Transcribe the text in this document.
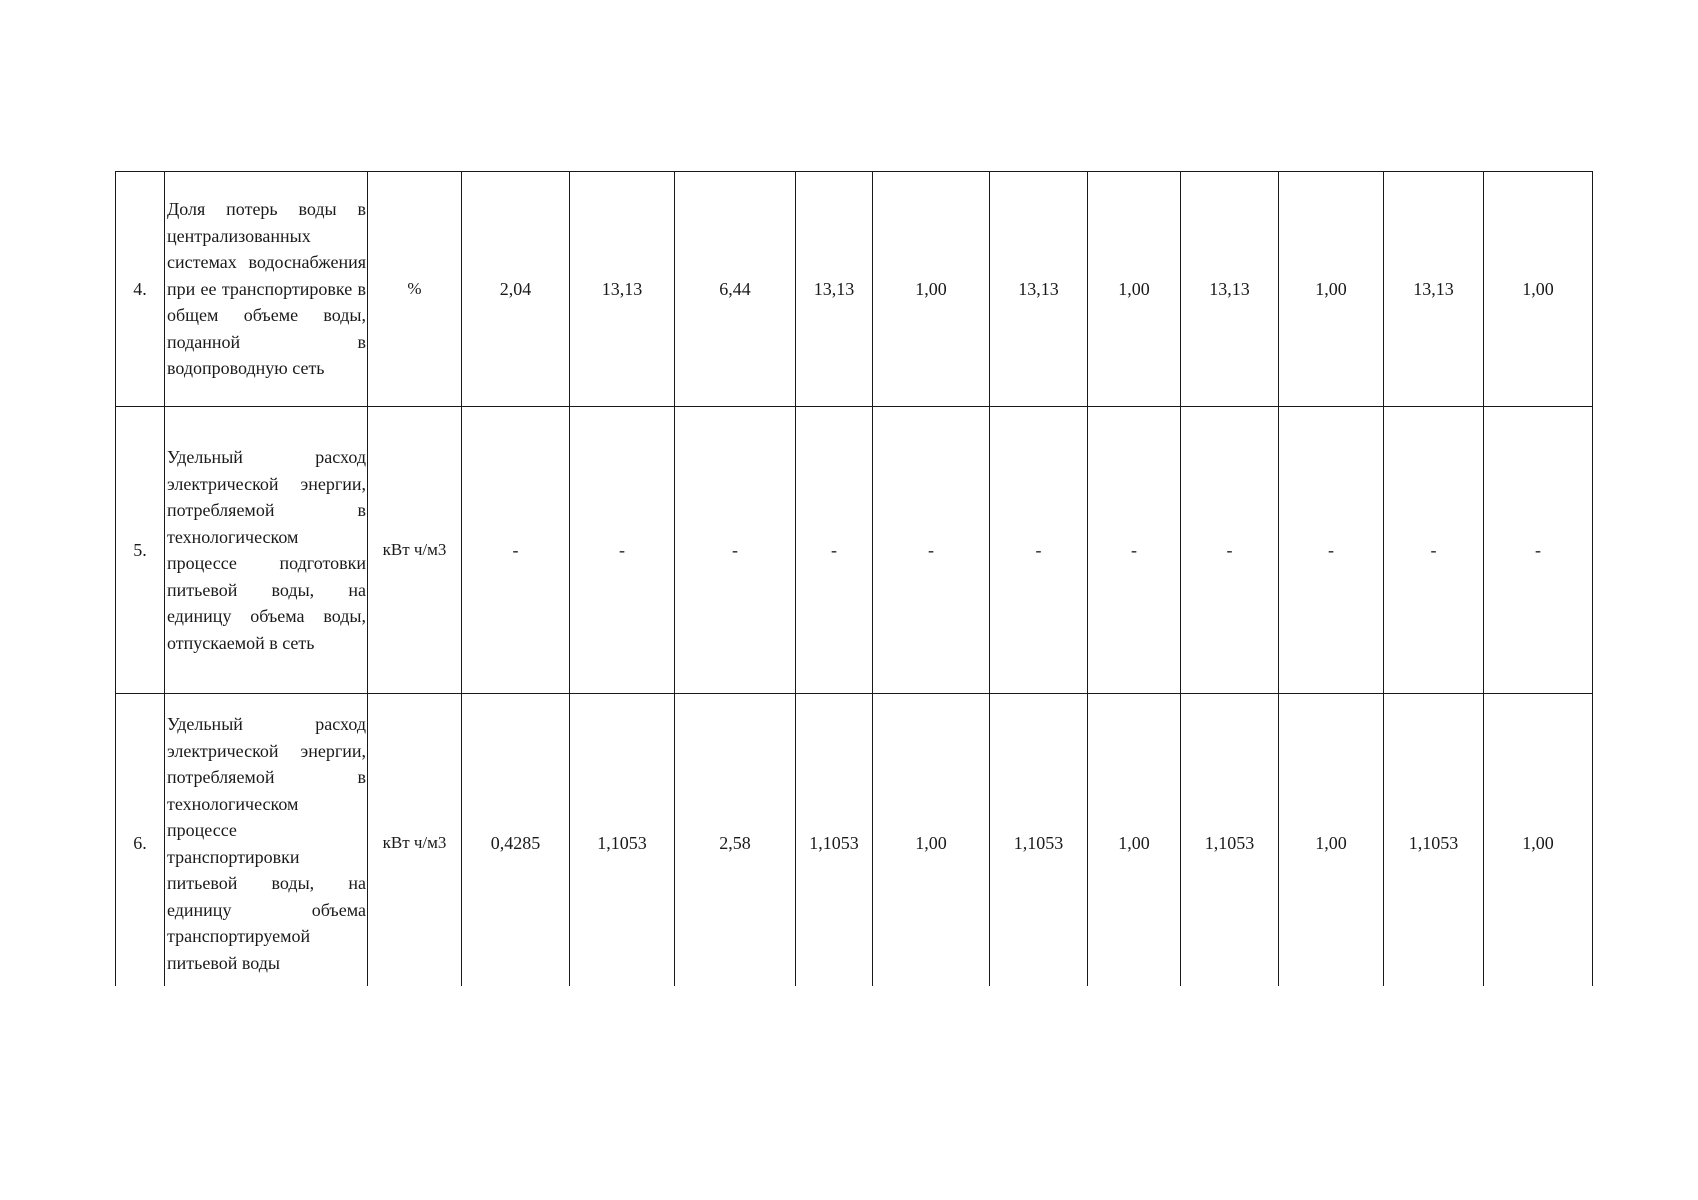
4.	Доля потерь воды в централизованных системах водоснабжения при ее транспортировке в общем объеме воды, поданной в водопроводную сеть	%	2,04	13,13	6,44	13,13	1,00	13,13	1,00	13,13	1,00	13,13	1,00
5.	Удельный расход электрической энергии, потребляемой в технологическом процессе подготовки питьевой воды, на единицу объема воды, отпускаемой в сеть	кВт ч/м3	-	-	-	-	-	-	-	-	-	-	-
6.	Удельный расход электрической энергии, потребляемой в технологическом процессе транспортировки питьевой воды, на единицу объема транспортируемой питьевой воды	кВт ч/м3	0,4285	1,1053	2,58	1,1053	1,00	1,1053	1,00	1,1053	1,00	1,1053	1,00
